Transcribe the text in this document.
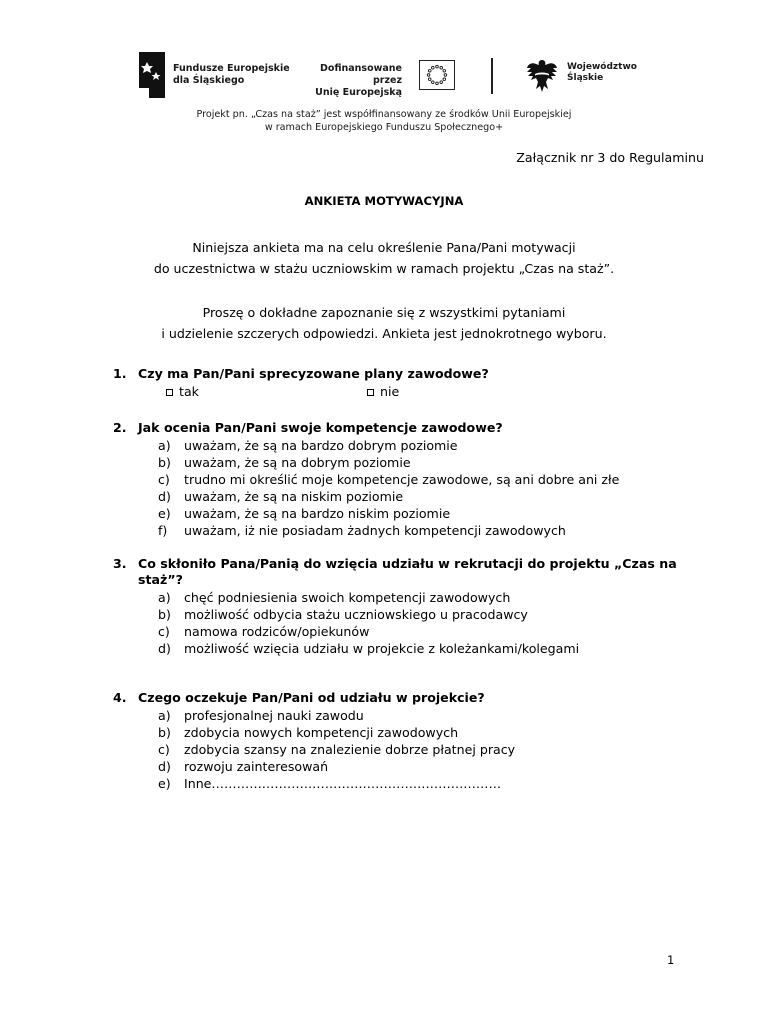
Fundusze Europejskie
dla Śląskiego
Dofinansowane przez
Unię Europejską
Województwo
Śląskie
Projekt pn. „Czas na staż” jest współfinansowany ze środków Unii Europejskiej
w ramach Europejskiego Funduszu Społecznego+
Załącznik nr 3 do Regulaminu
ANKIETA MOTYWACYJNA
Niniejsza ankieta ma na celu określenie Pana/Pani motywacji
do uczestnictwa w stażu uczniowskim w ramach projektu „Czas na staż”.
Proszę o dokładne zapoznanie się z wszystkimi pytaniami
i udzielenie szczerych odpowiedzi. Ankieta jest jednokrotnego wyboru.
1. Czy ma Pan/Pani sprecyzowane plany zawodowe?
tak	nie
2. Jak ocenia Pan/Pani swoje kompetencje zawodowe?
a)	uważam, że są na bardzo dobrym poziomie
b)	uważam, że są na dobrym poziomie
c)	trudno mi określić moje kompetencje zawodowe, są ani dobre ani złe
d)	uważam, że są na niskim poziomie
e)	uważam, że są na bardzo niskim poziomie
f)	uważam, iż nie posiadam żadnych kompetencji zawodowych
3. Co skłoniło Pana/Panią do wzięcia udziału w rekrutacji do projektu „Czas na staż”?
a)	chęć podniesienia swoich kompetencji zawodowych
b)	możliwość odbycia stażu uczniowskiego u pracodawcy
c)	namowa rodziców/opiekunów
d)	możliwość wzięcia udziału w projekcie z koleżankami/kolegami
4. Czego oczekuje Pan/Pani od udziału w projekcie?
a)	profesjonalnej nauki zawodu
b)	zdobycia nowych kompetencji zawodowych
c)	zdobycia szansy na znalezienie dobrze płatnej pracy
d)	rozwoju zainteresowań
e)	Inne……………………………………………………………
1
